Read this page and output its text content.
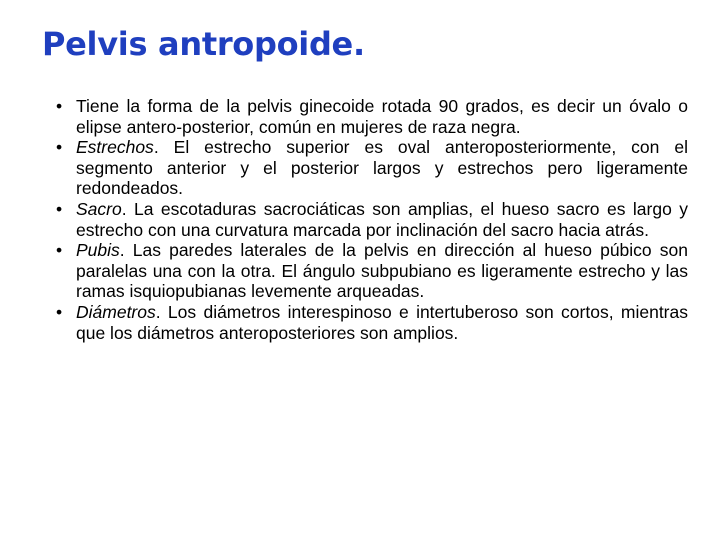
Pelvis antropoide.
• Tiene la forma de la pelvis ginecoide rotada 90 grados, es decir un óvalo o elipse antero-posterior, común en mujeres de raza negra.
• Estrechos. El estrecho superior es oval anteroposteriormente, con el segmento anterior y el posterior largos y estrechos pero ligeramente redondeados.
• Sacro. La escotaduras sacrociáticas son amplias, el hueso sacro es largo y estrecho con una curvatura marcada por inclinación del sacro hacia atrás.
• Pubis. Las paredes laterales de la pelvis en dirección al hueso púbico son paralelas una con la otra. El ángulo subpubiano es ligeramente estrecho y las ramas isquiopubianas levemente arqueadas.
• Diámetros. Los diámetros interespinoso e intertuberoso son cortos, mientras que los diámetros anteroposteriores son amplios.
